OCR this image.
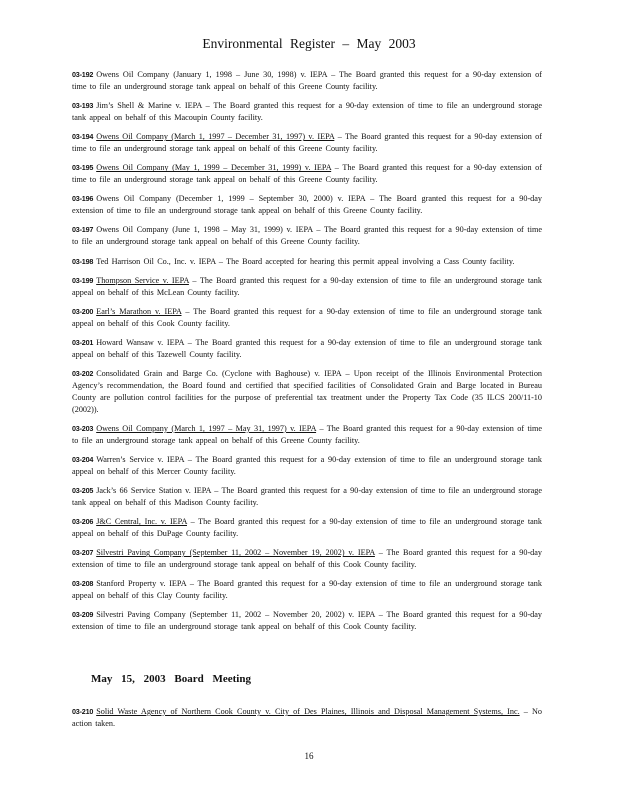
Environmental Register – May 2003

03-192 Owens Oil Company (January 1, 1998 – June 30, 1998) v. IEPA – The Board granted this request for a 90-day extension of time to file an underground storage tank appeal on behalf of this Greene County facility.

03-193 Jim’s Shell & Marine v. IEPA – The Board granted this request for a 90-day extension of time to file an underground storage tank appeal on behalf of this Macoupin County facility.

03-194 Owens Oil Company (March 1, 1997 – December 31, 1997) v. IEPA – The Board granted this request for a 90-day extension of time to file an underground storage tank appeal on behalf of this Greene County facility.

03-195 Owens Oil Company (May 1, 1999 – December 31, 1999) v. IEPA – The Board granted this request for a 90-day extension of time to file an underground storage tank appeal on behalf of this Greene County facility.

03-196 Owens Oil Company (December 1, 1999 – September 30, 2000) v. IEPA – The Board granted this request for a 90-day extension of time to file an underground storage tank appeal on behalf of this Greene County facility.

03-197 Owens Oil Company (June 1, 1998 – May 31, 1999) v. IEPA – The Board granted this request for a 90-day extension of time to file an underground storage tank appeal on behalf of this Greene County facility.

03-198 Ted Harrison Oil Co., Inc. v. IEPA – The Board accepted for hearing this permit appeal involving a Cass County facility.

03-199 Thompson Service v. IEPA – The Board granted this request for a 90-day extension of time to file an underground storage tank appeal on behalf of this McLean County facility.

03-200 Earl’s Marathon v. IEPA – The Board granted this request for a 90-day extension of time to file an underground storage tank appeal on behalf of this Cook County facility.

03-201 Howard Wansaw v. IEPA – The Board granted this request for a 90-day extension of time to file an underground storage tank appeal on behalf of this Tazewell County facility.

03-202 Consolidated Grain and Barge Co. (Cyclone with Baghouse) v. IEPA – Upon receipt of the Illinois Environmental Protection Agency’s recommendation, the Board found and certified that specified facilities of Consolidated Grain and Barge located in Bureau County are pollution control facilities for the purpose of preferential tax treatment under the Property Tax Code (35 ILCS 200/11-10 (2002)).

03-203 Owens Oil Company (March 1, 1997 – May 31, 1997) v. IEPA – The Board granted this request for a 90-day extension of time to file an underground storage tank appeal on behalf of this Greene County facility.

03-204 Warren’s Service v. IEPA – The Board granted this request for a 90-day extension of time to file an underground storage tank appeal on behalf of this Mercer County facility.

03-205 Jack’s 66 Service Station v. IEPA – The Board granted this request for a 90-day extension of time to file an underground storage tank appeal on behalf of this Madison County facility.

03-206 J&C Central, Inc. v. IEPA – The Board granted this request for a 90-day extension of time to file an underground storage tank appeal on behalf of this DuPage County facility.

03-207 Silvestri Paving Company (September 11, 2002 – November 19, 2002) v. IEPA – The Board granted this request for a 90-day extension of time to file an underground storage tank appeal on behalf of this Cook County facility.

03-208 Stanford Property v. IEPA – The Board granted this request for a 90-day extension of time to file an underground storage tank appeal on behalf of this Clay County facility.

03-209 Silvestri Paving Company (September 11, 2002 – November 20, 2002) v. IEPA – The Board granted this request for a 90-day extension of time to file an underground storage tank appeal on behalf of this Cook County facility.

May 15, 2003 Board Meeting

03-210 Solid Waste Agency of Northern Cook County v. City of Des Plaines, Illinois and Disposal Management Systems, Inc. – No action taken.

16
